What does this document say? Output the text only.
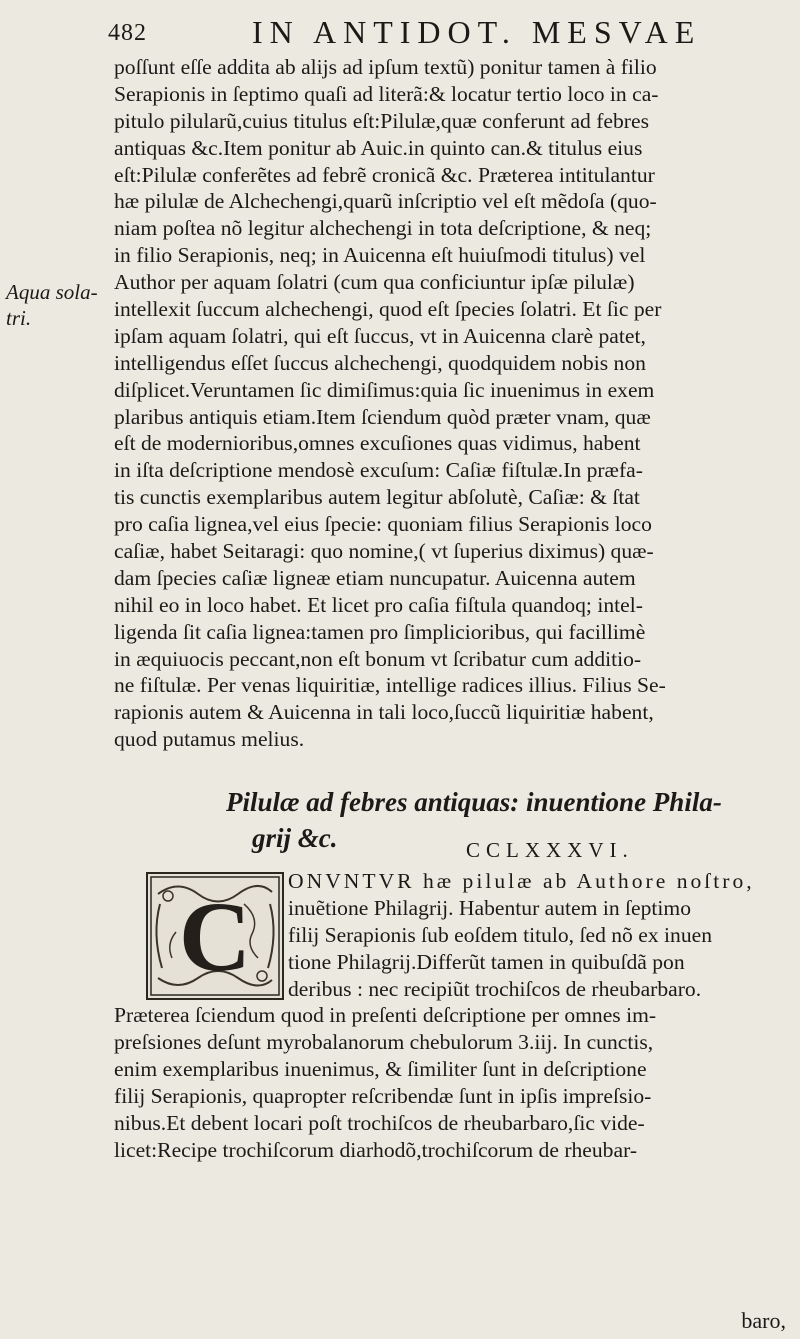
482	IN ANTIDOT. MESVAE
Aqua sola-
tri.
poſſunt eſſe addita ab alijs ad ipſum textũ) ponitur tamen à filio
Serapionis in ſeptimo quaſi ad literã:& locatur tertio loco in ca-
pitulo pilularũ,cuius titulus eſt:Pilulæ,quæ conferunt ad febres
antiquas &c.Item ponitur ab Auic.in quinto can.& titulus eius
eſt:Pilulæ conferẽtes ad febrẽ cronicã &c. Præterea intitulantur
hæ pilulæ de Alchechengi,quarũ inſcriptio vel eſt mẽdoſa (quo-
niam poſtea nõ legitur alchechengi in tota deſcriptione, & neq;
in filio Serapionis, neq; in Auicenna eſt huiuſmodi titulus) vel
Author per aquam ſolatri (cum qua conficiuntur ipſæ pilulæ)
intellexit ſuccum alchechengi, quod eſt ſpecies ſolatri. Et ſic per
ipſam aquam ſolatri, qui eſt ſuccus, vt in Auicenna clarè patet,
intelligendus eſſet ſuccus alchechengi, quodquidem nobis non
diſplicet.Veruntamen ſic dimiſimus:quia ſic inuenimus in exem
plaribus antiquis etiam.Item ſciendum quòd præter vnam, quæ
eſt de modernioribus,omnes excuſiones quas vidimus, habent
in iſta deſcriptione mendosè excuſum: Caſiæ fiſtulæ.In præfa-
tis cunctis exemplaribus autem legitur abſolutè, Caſiæ: & ſtat
pro caſia lignea,vel eius ſpecie: quoniam filius Serapionis loco
caſiæ, habet Seitaragi: quo nomine,( vt ſuperius diximus) quæ-
dam ſpecies caſiæ ligneæ etiam nuncupatur. Auicenna autem
nihil eo in loco habet. Et licet pro caſia fiſtula quandoq; intel-
ligenda ſit caſia lignea:tamen pro ſimplicioribus, qui facillimè
in æquiuocis peccant,non eſt bonum vt ſcribatur cum additio-
ne fiſtulæ. Per venas liquiritiæ, intellige radices illius. Filius Se-
rapionis autem & Auicenna in tali loco,ſuccũ liquiritiæ habent,
quod putamus melius.
Pilulæ ad febres antiquas: inuentione Phila-
grij &c.	CCLXXXVI.
C	ONVNTVR hæ pilulæ ab Authore noſtro,
inuẽtione Philagrij. Habentur autem in ſeptimo
filij Serapionis ſub eoſdem titulo, ſed nõ ex inuen
tione Philagrij.Differũt tamen in quibuſdã pon
deribus : nec recipiũt trochiſcos de rheubarbaro.
Præterea ſciendum quod in preſenti deſcriptione per omnes im-
preſsiones deſunt myrobalanorum chebulorum 3.iij. In cunctis,
enim exemplaribus inuenimus, & ſimiliter ſunt in deſcriptione
filij Serapionis, quapropter reſcribendæ ſunt in ipſis impreſsio-
nibus.Et debent locari poſt trochiſcos de rheubarbaro,ſic vide-
licet:Recipe trochiſcorum diarhodõ,trochiſcorum de rheubar-
baro,
